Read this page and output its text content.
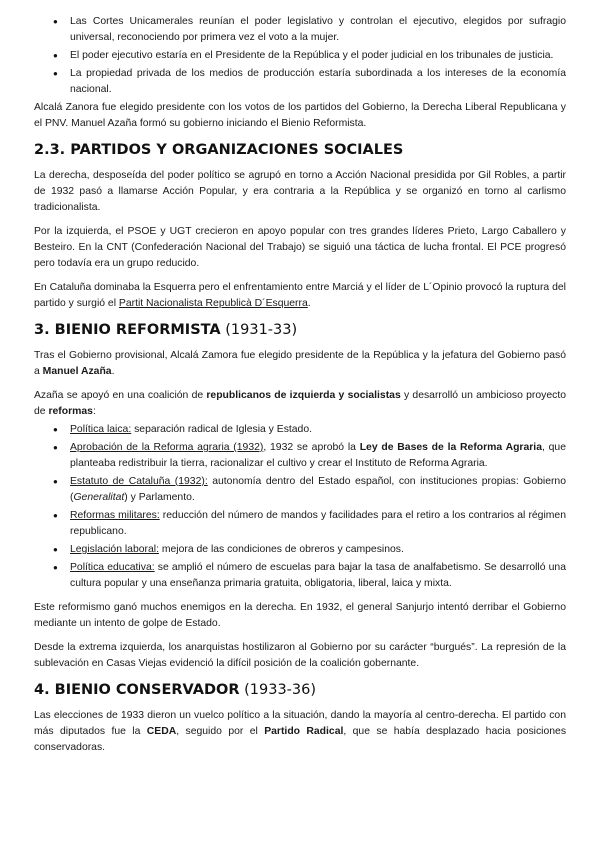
● Las Cortes Unicamerales reunían el poder legislativo y controlan el ejecutivo, elegidos por sufragio universal, reconociendo por primera vez el voto a la mujer.
● El poder ejecutivo estaría en el Presidente de la República y el poder judicial en los tribunales de justicia.
● La propiedad privada de los medios de producción estaría subordinada a los intereses de la economía nacional.

Alcalá Zanora fue elegido presidente con los votos de los partidos del Gobierno, la Derecha Liberal Republicana y el PNV. Manuel Azaña formó su gobierno iniciando el Bienio Reformista.

2.3. PARTIDOS Y ORGANIZACIONES SOCIALES

La derecha, desposeída del poder político se agrupó en torno a Acción Nacional presidida por Gil Robles, a partir de 1932 pasó a llamarse Acción Popular, y era contraria a la República y se organizó en torno al carlismo tradicionalista.

Por la izquierda, el PSOE y UGT crecieron en apoyo popular con tres grandes líderes Prieto, Largo Caballero y Besteiro. En la CNT (Confederación Nacional del Trabajo) se siguió una táctica de lucha frontal. El PCE progresó pero todavía era un grupo reducido.

En Cataluña dominaba la Esquerra pero el enfrentamiento entre Marciá y el líder de L´Opinio provocó la ruptura del partido y surgió el Partit Nacionalista Republicà D´Esquerra.

3. BIENIO REFORMISTA (1931-33)

Tras el Gobierno provisional, Alcalá Zamora fue elegido presidente de la República y la jefatura del Gobierno pasó a Manuel Azaña.

Azaña se apoyó en una coalición de republicanos de izquierda y socialistas y desarrolló un ambicioso proyecto de reformas:

● Política laica: separación radical de Iglesia y Estado.
● Aprobación de la Reforma agraria (1932), 1932 se aprobó la Ley de Bases de la Reforma Agraria, que planteaba redistribuir la tierra, racionalizar el cultivo y crear el Instituto de Reforma Agraria.
● Estatuto de Cataluña (1932): autonomía dentro del Estado español, con instituciones propias: Gobierno (Generalitat) y Parlamento.
● Reformas militares: reducción del número de mandos y facilidades para el retiro a los contrarios al régimen republicano.
● Legislación laboral: mejora de las condiciones de obreros y campesinos.
● Política educativa: se amplió el número de escuelas para bajar la tasa de analfabetismo. Se desarrolló una cultura popular y una enseñanza primaria gratuita, obligatoria, liberal, laica y mixta.

Este reformismo ganó muchos enemigos en la derecha. En 1932, el general Sanjurjo intentó derribar el Gobierno mediante un intento de golpe de Estado.

Desde la extrema izquierda, los anarquistas hostilizaron al Gobierno por su carácter “burgués”. La represión de la sublevación en Casas Viejas evidenció la difícil posición de la coalición gobernante.

4. BIENIO CONSERVADOR (1933-36)

Las elecciones de 1933 dieron un vuelco político a la situación, dando la mayoría al centro-derecha. El partido con más diputados fue la CEDA, seguido por el Partido Radical, que se había desplazado hacia posiciones conservadoras.
